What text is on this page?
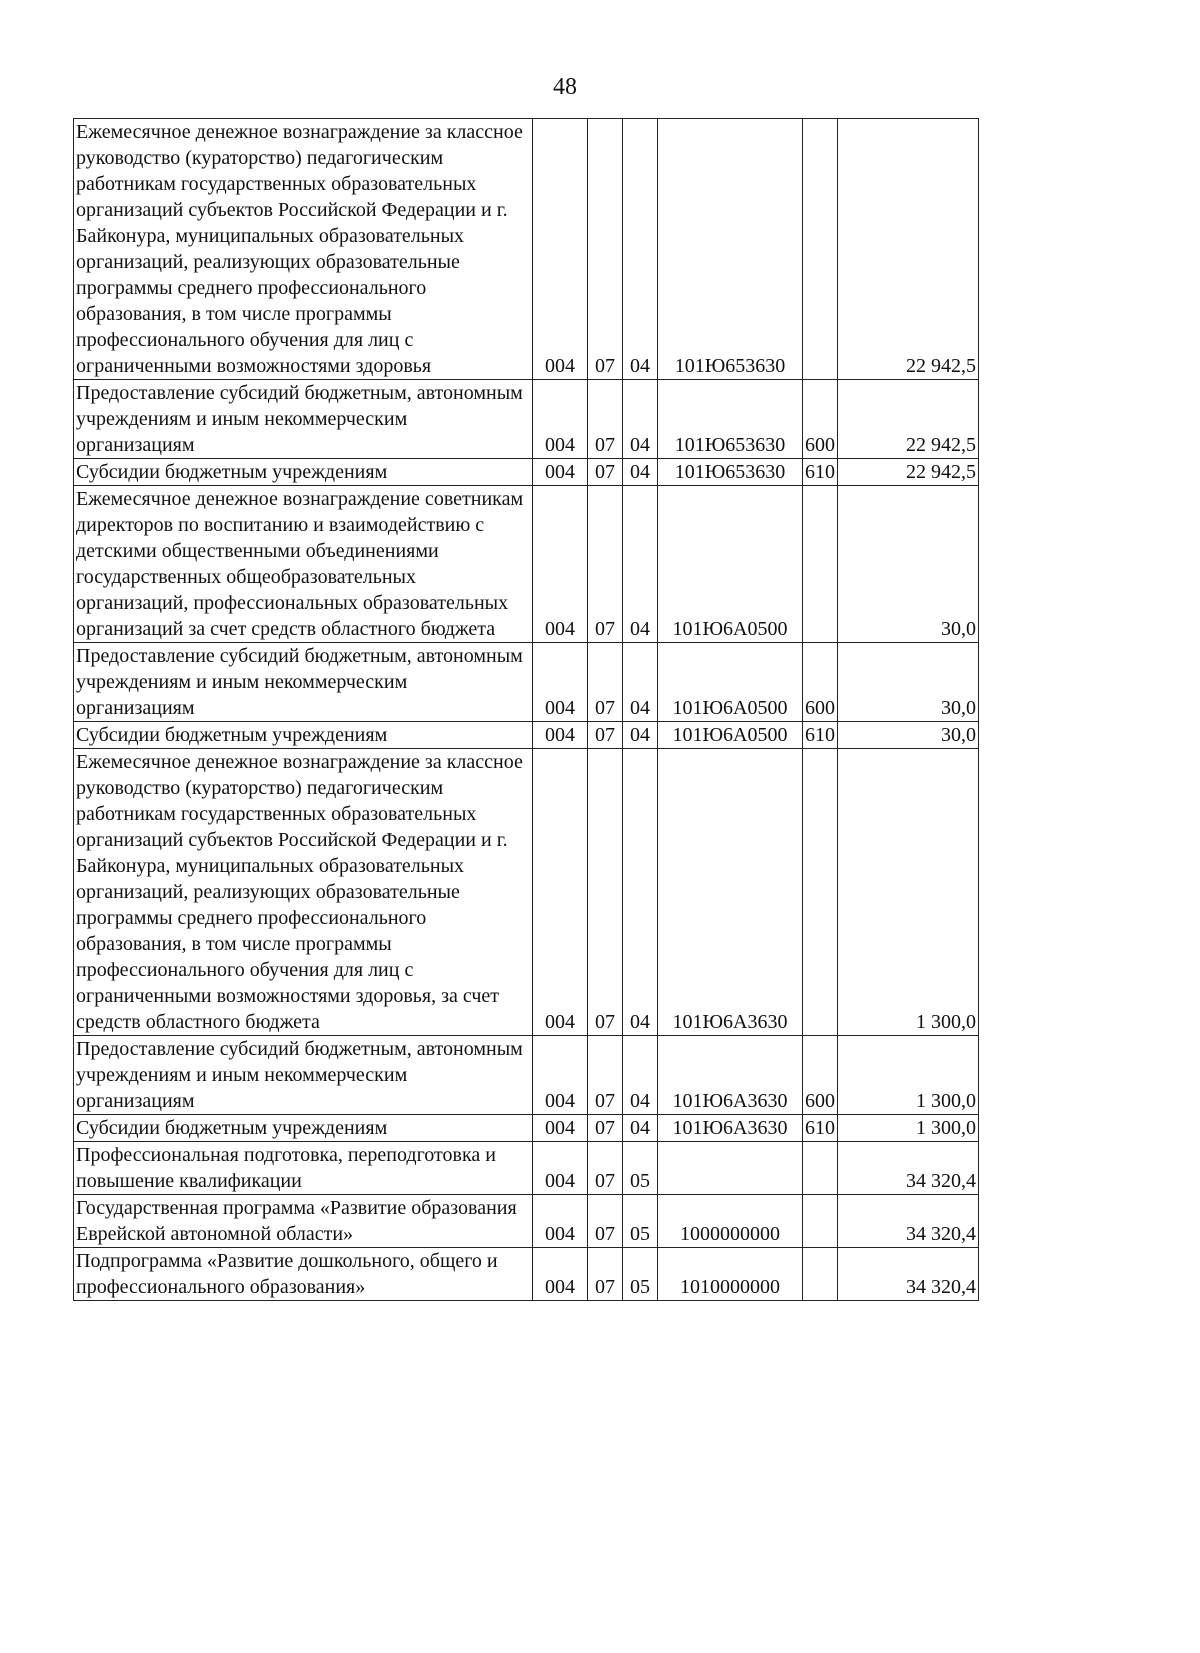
48
Ежемесячное денежное вознаграждение за классное руководство (кураторство) педагогическим работникам государственных образовательных организаций субъектов Российской Федерации и г. Байконура, муниципальных образовательных организаций, реализующих образовательные программы среднего профессионального образования, в том числе программы профессионального обучения для лиц с ограниченными возможностями здоровья	004	07	04	101Ю653630		22 942,5
Предоставление субсидий бюджетным, автономным учреждениям и иным некоммерческим организациям	004	07	04	101Ю653630	600	22 942,5
Субсидии бюджетным учреждениям	004	07	04	101Ю653630	610	22 942,5
Ежемесячное денежное вознаграждение советникам директоров по воспитанию и взаимодействию с детскими общественными объединениями государственных общеобразовательных организаций, профессиональных образовательных организаций за счет средств областного бюджета	004	07	04	101Ю6А0500		30,0
Предоставление субсидий бюджетным, автономным учреждениям и иным некоммерческим организациям	004	07	04	101Ю6А0500	600	30,0
Субсидии бюджетным учреждениям	004	07	04	101Ю6А0500	610	30,0
Ежемесячное денежное вознаграждение за классное руководство (кураторство) педагогическим работникам государственных образовательных организаций субъектов Российской Федерации и г. Байконура, муниципальных образовательных организаций, реализующих образовательные программы среднего профессионального образования, в том числе программы профессионального обучения для лиц с ограниченными возможностями здоровья, за счет средств областного бюджета	004	07	04	101Ю6А3630		1 300,0
Предоставление субсидий бюджетным, автономным учреждениям и иным некоммерческим организациям	004	07	04	101Ю6А3630	600	1 300,0
Субсидии бюджетным учреждениям	004	07	04	101Ю6А3630	610	1 300,0
Профессиональная подготовка, переподготовка и повышение квалификации	004	07	05			34 320,4
Государственная программа «Развитие образования Еврейской автономной области»	004	07	05	1000000000		34 320,4
Подпрограмма «Развитие дошкольного, общего и профессионального образования»	004	07	05	1010000000		34 320,4
